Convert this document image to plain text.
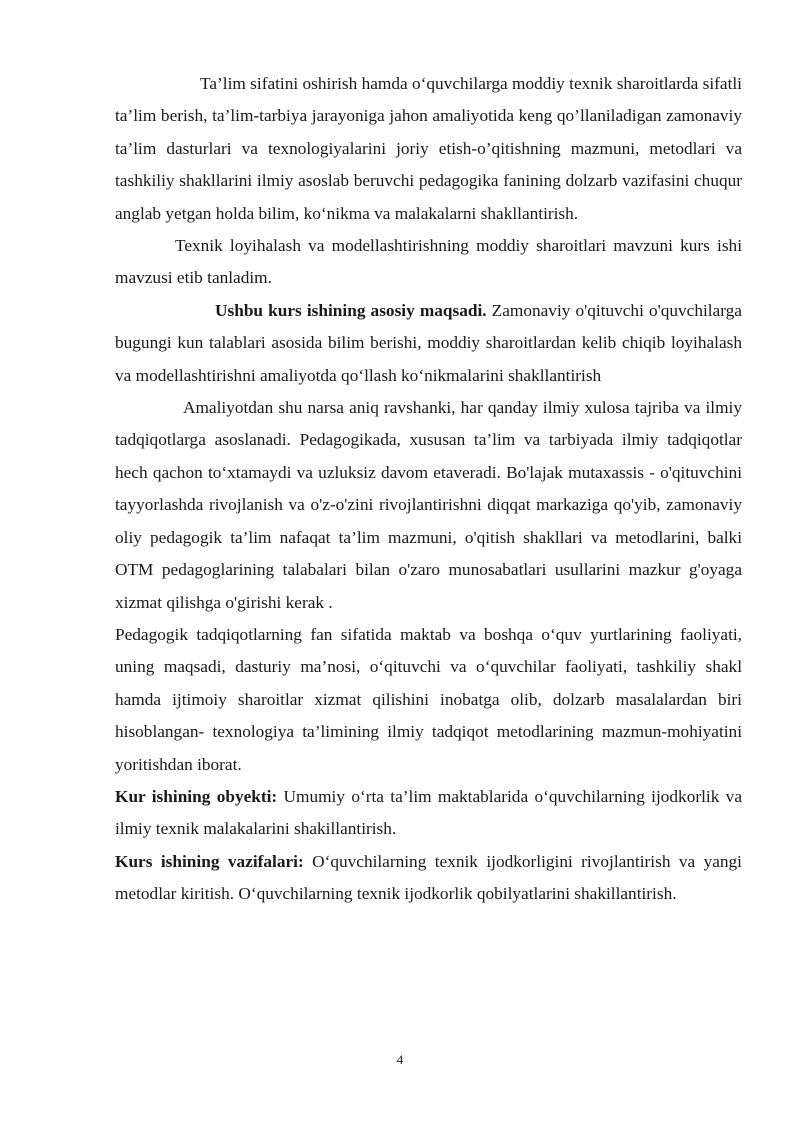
Ta’lim sifatini oshirish hamda o‘quvchilarga moddiy texnik sharoitlarda sifatli ta’lim berish, ta’lim-tarbiya jarayoniga jahon amaliyotida keng qo’llaniladigan zamonaviy ta’lim dasturlari va texnologiyalarini joriy etish-o’qitishning mazmuni, metodlari va tashkiliy shakllarini ilmiy asoslab beruvchi pedagogika fanining dolzarb vazifasini chuqur anglab yetgan holda bilim, ko‘nikma va malakalarni shakllantirish.

Texnik loyihalash va modellashtirishning moddiy sharoitlari mavzuni kurs ishi mavzusi etib tanladim.

Ushbu kurs ishining asosiy maqsadi. Zamonaviy o'qituvchi o'quvchilarga bugungi kun talablari asosida bilim berishi, moddiy sharoitlardan kelib chiqib loyihalash va modellashtirishni amaliyotda qo‘llash ko‘nikmalarini shakllantirish

Amaliyotdan shu narsa aniq ravshanki, har qanday ilmiy xulosa tajriba va ilmiy tadqiqotlarga asoslanadi. Pedagogikada, xususan ta’lim va tarbiyada ilmiy tadqiqotlar hech qachon to‘xtamaydi va uzluksiz davom etaveradi. Bo'lajak mutaxassis - o'qituvchini tayyorlashda rivojlanish va o'z-o'zini rivojlantirishni diqqat markaziga qo'yib, zamonaviy oliy pedagogik ta’lim nafaqat ta’lim mazmuni, o'qitish shakllari va metodlarini, balki OTM pedagoglarining talabalari bilan o'zaro munosabatlari usullarini mazkur g'oyaga xizmat qilishga o'girishi kerak .

Pedagogik tadqiqotlarning fan sifatida maktab va boshqa o‘quv yurtlarining faoliyati, uning maqsadi, dasturiy ma’nosi, o‘qituvchi va o‘quvchilar faoliyati, tashkiliy shakl hamda ijtimoiy sharoitlar xizmat qilishini inobatga olib, dolzarb masalalardan biri hisoblangan- texnologiya ta’limining ilmiy tadqiqot metodlarining mazmun-mohiyatini yoritishdan iborat.

Kur ishining obyekti: Umumiy o‘rta ta’lim maktablarida o‘quvchilarning ijodkorlik va ilmiy texnik malakalarini shakillantirish.

Kurs ishining vazifalari: O‘quvchilarning texnik ijodkorligini rivojlantirish va yangi metodlar kiritish. O‘quvchilarning texnik ijodkorlik qobilyatlarini shakillantirish.

4
